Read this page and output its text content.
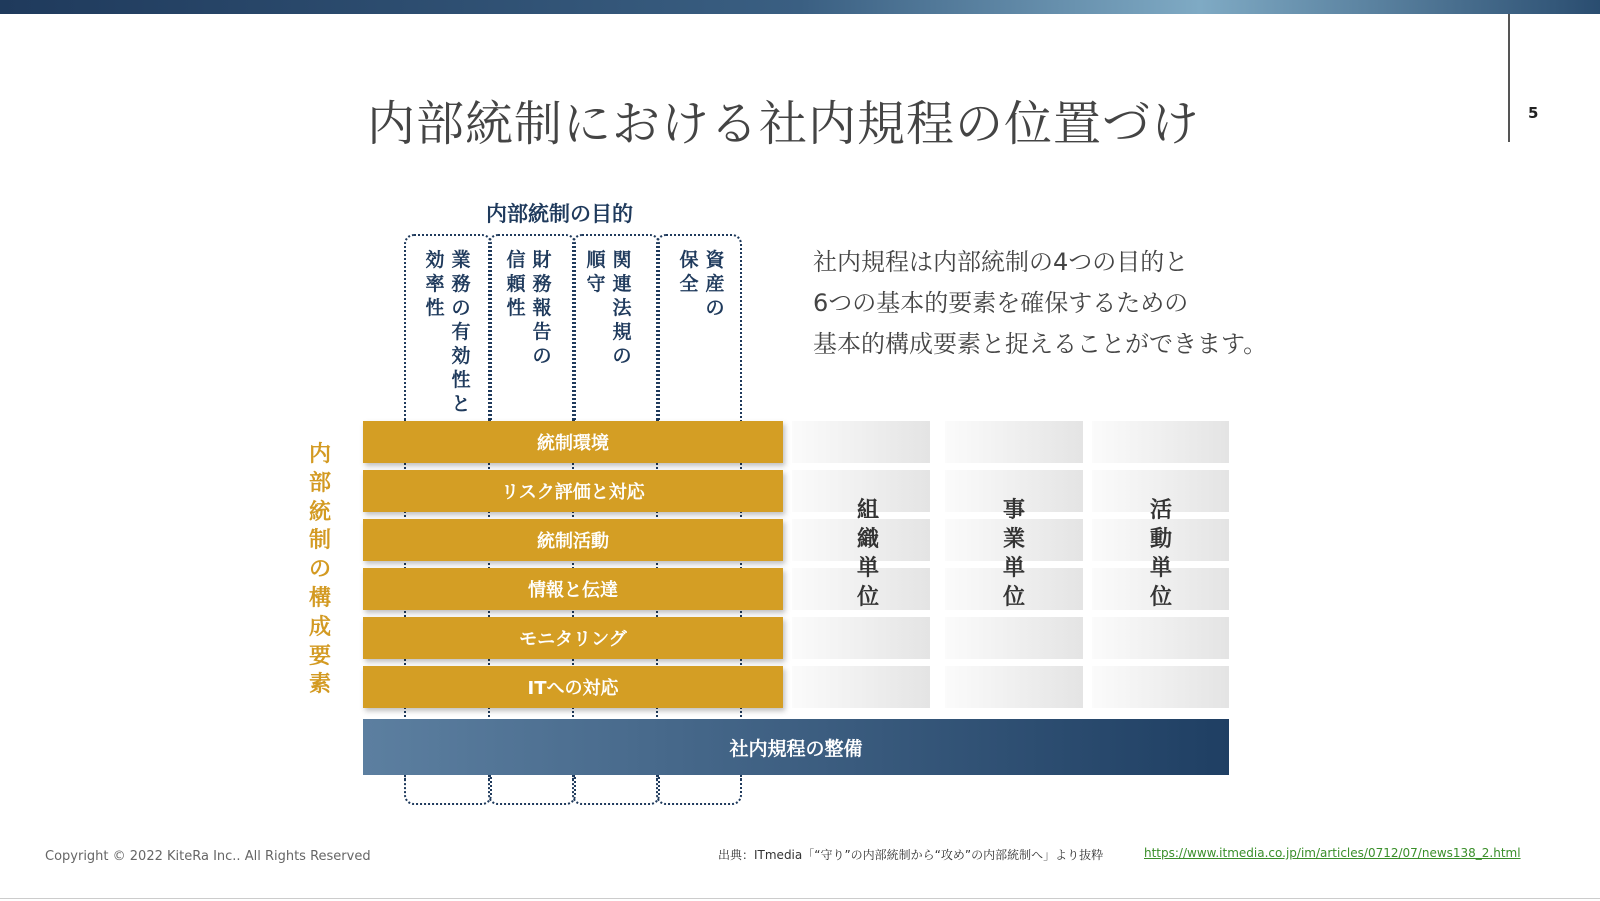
5
内部統制における社内規程の位置づけ
内部統制の目的
業務の有効性と
効率性
財務報告の
信頼性
関連法規の
順守
資産の
保全
社内規程は内部統制の4つの目的と
6つの基本的要素を確保するための
基本的構成要素と捉えることができます。
内部統制の構成要素
組織単位
事業単位
活動単位
統制環境
リスク評価と対応
統制活動
情報と伝達
モニタリング
ITへの対応
社内規程の整備
Copyright © 2022 KiteRa Inc.. All Rights Reserved	出典：ITmedia「“守り”の内部統制から“攻め”の内部統制へ」より抜粋	https://www.itmedia.co.jp/im/articles/0712/07/news138_2.html
